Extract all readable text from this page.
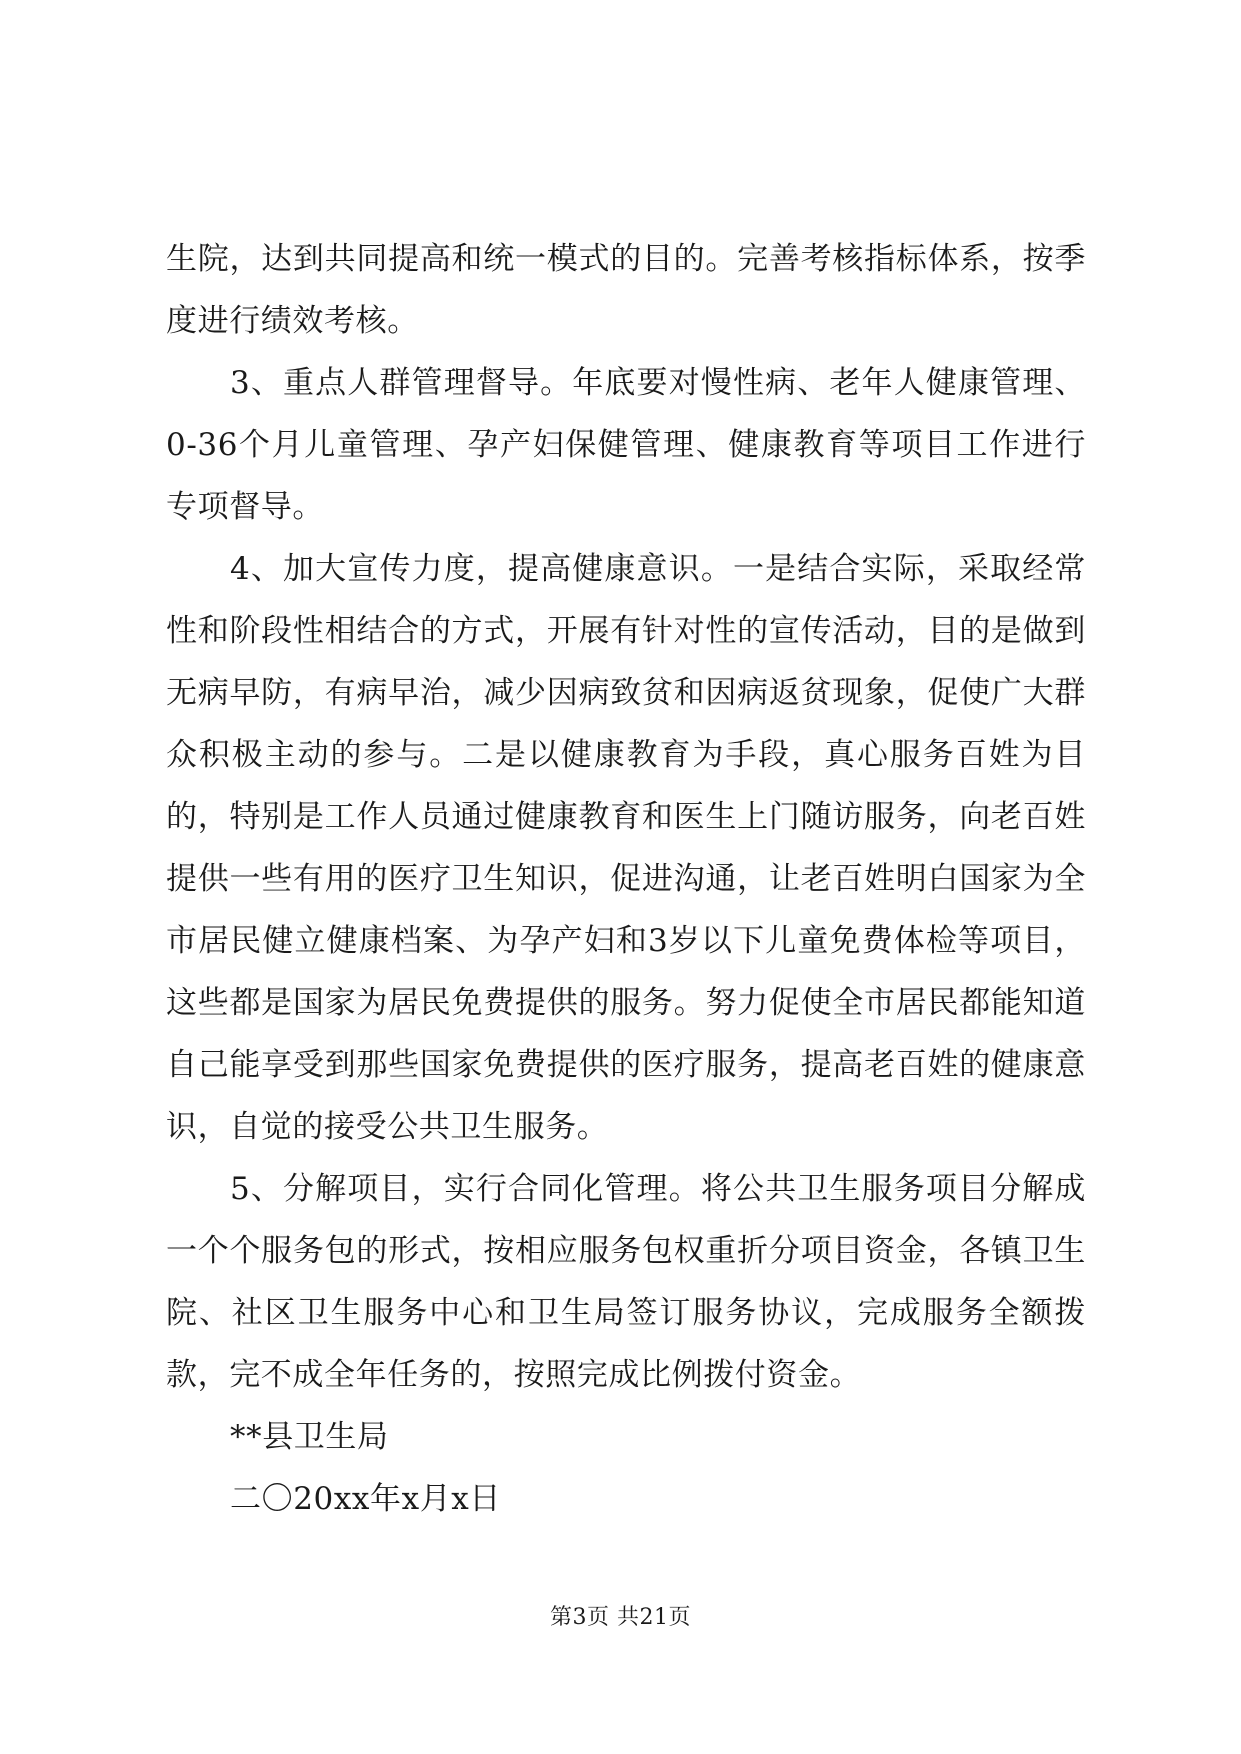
生院，达到共同提高和统一模式的目的。完善考核指标体系，按季度进行绩效考核。

3、重点人群管理督导。年底要对慢性病、老年人健康管理、0-36个月儿童管理、孕产妇保健管理、健康教育等项目工作进行专项督导。

4、加大宣传力度，提高健康意识。一是结合实际，采取经常性和阶段性相结合的方式，开展有针对性的宣传活动，目的是做到无病早防，有病早治，减少因病致贫和因病返贫现象，促使广大群众积极主动的参与。二是以健康教育为手段，真心服务百姓为目的，特别是工作人员通过健康教育和医生上门随访服务，向老百姓提供一些有用的医疗卫生知识，促进沟通，让老百姓明白国家为全市居民健立健康档案、为孕产妇和3岁以下儿童免费体检等项目，这些都是国家为居民免费提供的服务。努力促使全市居民都能知道自己能享受到那些国家免费提供的医疗服务，提高老百姓的健康意识，自觉的接受公共卫生服务。

5、分解项目，实行合同化管理。将公共卫生服务项目分解成一个个服务包的形式，按相应服务包权重折分项目资金，各镇卫生院、社区卫生服务中心和卫生局签订服务协议，完成服务全额拨款，完不成全年任务的，按照完成比例拨付资金。

**县卫生局

二〇20xx年x月x日

第3页 共21页
